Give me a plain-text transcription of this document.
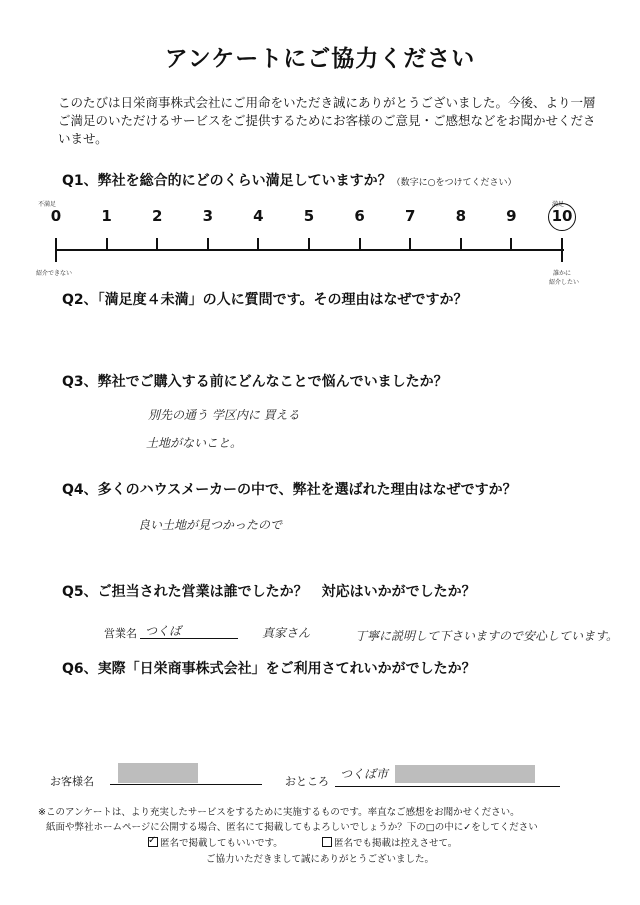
アンケートにご協力ください
このたびは日栄商事株式会社にご用命をいただき誠にありがとうございました。今後、より一層ご満足のいただけるサービスをご提供するためにお客様のご意見・ご感想などをお聞かせくださいませ。
Q1、弊社を総合的にどのくらい満足していますか？（数字に○をつけてください）
不満足	満足
0	1	2	3	4	5	6	7	8	9	10
紹介できない	誰かに
紹介したい
Q2、「満足度４未満」の人に質問です。その理由はなぜですか？
Q3、弊社でご購入する前にどんなことで悩んでいましたか？
別先の通う 学区内に 買える
土地がないこと。
Q4、多くのハウスメーカーの中で、弊社を選ばれた理由はなぜですか？
良い土地が見つかったので
Q5、ご担当された営業は誰でしたか？　対応はいかがでしたか？
営業名 つくば	真家さん	丁寧に説明して下さいますので安心しています。
Q6、実際「日栄商事株式会社」をご利用さてれいかがでしたか？
お客様名	おところ
つくば市
※このアンケートは、より充実したサービスをするために実施するものです。率直なご感想をお聞かせください。
紙面や弊社ホームページに公開する場合、匿名にて掲載してもよろしいでしょうか？下の□の中に✓をしてください
✓匿名で掲載してもいいです。	匿名でも掲載は控えさせて。
ご協力いただきまして誠にありがとうございました。
